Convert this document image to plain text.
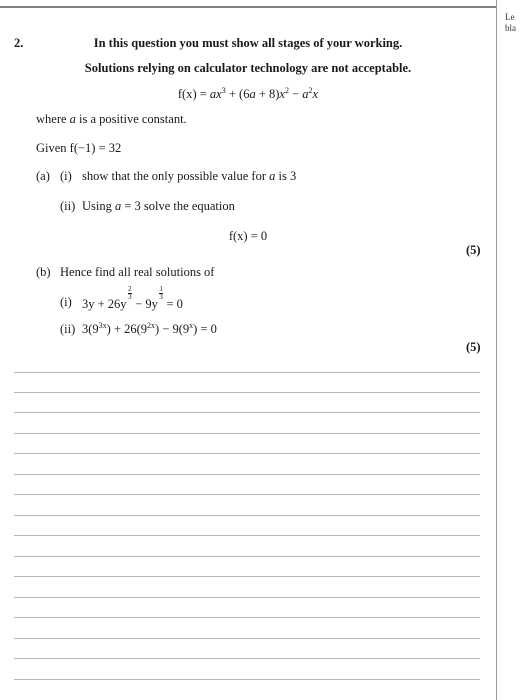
Le
bla
2.	In this question you must show all stages of your working.
Solutions relying on calculator technology are not acceptable.
$f(x) = ax^3 + (6a + 8)x^2 - a^2x$
where a is a positive constant.
Given f(−1) = 32
(a) (i) show that the only possible value for a is 3
(ii) Using a = 3 solve the equation
f(x) = 0
(5)
(b) Hence find all real solutions of
(i) 3y + 26y
$\frac{2}{3}$
− 9y
$\frac{1}{3}$
= 0
(ii) $3(9^{3x}) + 26(9^{2x}) - 9(9^x) = 0$
(5)
